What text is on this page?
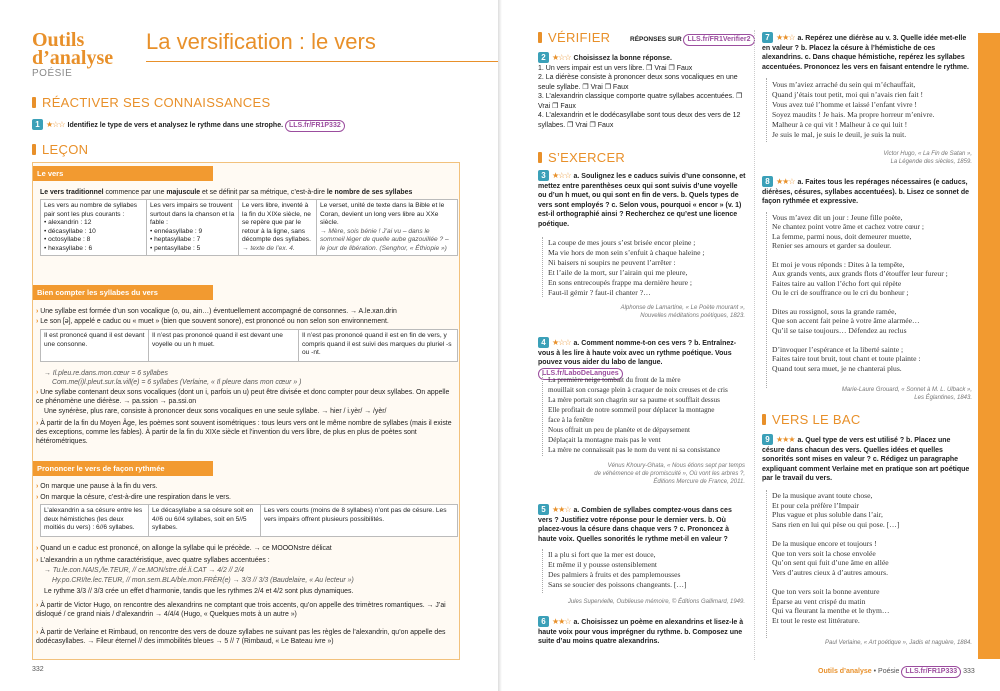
Outils
d’analyse
POÉSIE
La versification : le vers
RÉACTIVER SES CONNAISSANCES
1 ★☆☆ Identifiez le type de vers et analysez le rythme dans une strophe. LLS.fr/FR1P332
LEÇON
Le vers
Le vers traditionnel commence par une majuscule et se définit par sa métrique, c’est-à-dire le nombre de ses syllabes
Les vers au nombre de syllabes pair sont les plus courants :
• alexandrin : 12
• décasyllabe : 10
• octosyllabe : 8
• hexasyllabe : 6
	Les vers impairs se trouvent surtout dans la chanson et la fable :
• ennéasyllabe : 9
• heptasyllabe : 7
• pentasyllabe : 5
	Le vers libre, inventé à la fin du XIXe siècle, ne se repère que par le retour à la ligne, sans décompte des syllabes.
→ texte de l’ex. 4.	Le verset, unité de texte dans la Bible et le Coran, devient un long vers libre au XXe siècle.
→ Mère, sois bénie ! J’ai vu – dans le sommeil léger de quelle aube gazouillée ? – le jour de libération. (Senghor, « Éthiopie »)
Bien compter les syllabes du vers
› Une syllabe est formée d’un son vocalique (o, ou, ain…) éventuellement accompagné de consonnes. → A.le.xan.drin
› Le son [ə], appelé e caduc ou « muet » (bien que souvent sonore), est prononcé ou non selon son environnement.
Il est prononcé quand il est devant une consonne.	Il n’est pas prononcé quand il est devant une voyelle ou un h muet.	Il n’est pas prononcé quand il est en fin de vers, y compris quand il est suivi des marques du pluriel -s ou -nt.
→ Il.pleu.re.dans.mon.cœur = 6 syllabes
Com.me(i)l.pleut.sur.la.vill(e) = 6 syllabes (Verlaine, « Il pleure dans mon cœur » )
› Une syllabe contenant deux sons vocaliques (dont un i, parfois un u) peut être divisée et donc compter pour deux syllabes. On appelle ce phénomène une diérèse. → pa.ssion → pa.ssi.on
Une synérèse, plus rare, consiste à prononcer deux sons vocaliques en une seule syllabe. → hier / i.yèr/ → /yèr/
› À partir de la fin du Moyen Âge, les poèmes sont souvent isométriques : tous leurs vers ont le même nombre de syllabes (mais il existe des exceptions, comme les fables). À partir de la fin du XIXe siècle et l’invention du vers libre, de plus en plus de poètes sont hétérométriques.
Prononcer le vers de façon rythmée
› On marque une pause à la fin du vers.
› On marque la césure, c’est-à-dire une respiration dans le vers.
L’alexandrin a sa césure entre les deux hémistiches (les deux moitiés du vers) : 6//6 syllabes.	Le décasyllabe a sa césure soit en 4//6 ou 6//4 syllabes, soit en 5//5 syllabes.	Les vers courts (moins de 8 syllabes) n’ont pas de césure. Les vers impairs offrent plusieurs possibilités.
› Quand un e caduc est prononcé, on allonge la syllabe qui le précède. → ce MOOONstre délicat
› L’alexandrin a un rythme caractéristique, avec quatre syllabes accentuées :
→ Tu.le.con.NAIS,/le.TEUR, // ce.MON/stre.dé.li.CAT → 4/2 // 2/4
Hy.po.CRI/te.lec.TEUR, // mon.sem.BLA/ble.mon.FRÈR(e) → 3/3 // 3/3 (Baudelaire, « Au lecteur »)
Le rythme 3/3 // 3/3 crée un effet d’harmonie, tandis que les rythmes 2/4 et 4/2 sont plus dynamiques.
› À partir de Victor Hugo, on rencontre des alexandrins ne comptant que trois accents, qu’on appelle des trimètres romantiques. → J’ai disloqué / ce grand niais / d’alexandrin → 4/4/4 (Hugo, « Quelques mots à un autre »)
› À partir de Verlaine et Rimbaud, on rencontre des vers de douze syllabes ne suivant pas les règles de l’alexandrin, qu’on appelle des dodécasyllabes. → Fileur éternel // des immobilités bleues → 5 // 7 (Rimbaud, « Le Bateau ivre »)
332
VÉRIFIER	RÉPONSES SUR LLS.fr/FR1Verifier2
2 ★☆☆ Choisissez la bonne réponse.
1. Un vers impair est un vers libre. ❐ Vrai ❐ Faux
2. La diérèse consiste à prononcer deux sons vocaliques en une seule syllabe. ❐ Vrai ❐ Faux
3. L’alexandrin classique comporte quatre syllabes accentuées. ❐ Vrai ❐ Faux
4. L’alexandrin et le dodécasyllabe sont tous deux des vers de 12 syllabes. ❐ Vrai ❐ Faux
S’EXERCER
3 ★☆☆ a. Soulignez les e caducs suivis d’une consonne, et mettez entre parenthèses ceux qui sont suivis d’une voyelle ou d’un h muet, ou qui sont en fin de vers. b. Quels types de vers sont employés ? c. Selon vous, pourquoi « encor » (v. 1) est-il orthographié ainsi ? Recherchez ce qu’est une licence poétique.
La coupe de mes jours s’est brisée encor pleine ;
Ma vie hors de mon sein s’enfuit à chaque haleine ;
Ni baisers ni soupirs ne peuvent l’arrêter :
Et l’aile de la mort, sur l’airain qui me pleure,
En sons entrecoupés frappe ma dernière heure ;
Faut-il gémir ? faut-il chanter ?…
Alphonse de Lamartine, « Le Poète mourant »,
Nouvelles méditations poétiques, 1823.
4 ★☆☆ a. Comment nomme-t-on ces vers ? b. Entraînez-vous à les lire à haute voix avec un rythme poétique. Vous pouvez vous aider du labo de langue. LLS.fr/LaboDeLangues
La première neige tombait du front de la mère
mouillait son corsage plein à craquer de noix creuses et de cris
La mère portait son chagrin sur sa paume et soufflait dessus
Elle profitait de notre sommeil pour déplacer la montagne
face à la fenêtre
Nous offrait un peu de planète et de dépaysement
Déplaçait la montagne mais pas le vent
La mère ne connaissait pas le nom du vent ni sa consistance
Vénus Khoury-Ghata, « Nous étions sept par temps
de véhémence et de promiscuité », Où vont les arbres ?,
Éditions Mercure de France, 2011.
5 ★★☆ a. Combien de syllabes comptez-vous dans ces vers ? Justifiez votre réponse pour le dernier vers. b. Où placez-vous la césure dans chaque vers ? c. Prononcez à haute voix. Quelles sonorités le rythme met-il en valeur ?
Il a plu si fort que la mer est douce,
Et même il y pousse ostensiblement
Des palmiers à fruits et des pamplemousses
Sans se soucier des poissons changeants. […]
Jules Supervielle, Oublieuse mémoire, © Éditions Gallimard, 1949.
6 ★★☆ a. Choisissez un poème en alexandrins et lisez-le à haute voix pour vous imprégner du rythme. b. Composez une suite d’au moins quatre alexandrins.
7 ★★☆ a. Repérez une diérèse au v. 3. Quelle idée met-elle en valeur ? b. Placez la césure à l’hémistiche de ces alexandrins. c. Dans chaque hémistiche, repérez les syllabes accentuées. Prononcez les vers en faisant entendre le rythme.
Vous m’aviez arraché du sein qui m’échauffait,
Quand j’étais tout petit, moi qui n’avais rien fait !
Vous avez tué l’homme et laissé l’enfant vivre !
Soyez maudits ! Je hais. Ma propre horreur m’enivre.
Malheur à ce qui vit ! Malheur à ce qui luit !
Je suis le mal, je suis le deuil, je suis la nuit.
Victor Hugo, « La Fin de Satan »,
La Légende des siècles, 1859.
8 ★★☆ a. Faites tous les repérages nécessaires (e caducs, diérèses, césures, syllabes accentuées). b. Lisez ce sonnet de façon rythmée et expressive.
Vous m’avez dit un jour : Jeune fille poète,
Ne chantez point votre âme et cachez votre cœur ;
La femme, parmi nous, doit demeurer muette,
Renier ses amours et garder sa douleur.

Et moi je vous réponds : Dites à la tempête,
Aux grands vents, aux grands flots d’étouffer leur fureur ;
Faites taire au vallon l’écho fort qui répète
Ou le cri de souffrance ou le cri du bonheur ;

Dites au rossignol, sous la grande ramée,
Que son accent fait peine à votre âme alarmée…
Qu’il se taise toujours… Défendez au reclus

D’invoquer l’espérance et la liberté sainte ;
Faites taire tout bruit, tout chant et toute plainte :
Quand tout sera muet, je ne chanterai plus.
Marie-Laure Grouard, « Sonnet à M. L. Ulback »,
Les Églantines, 1843.
VERS LE BAC
9 ★★★ a. Quel type de vers est utilisé ? b. Placez une césure dans chacun des vers. Quelles idées et quelles sonorités sont mises en valeur ? c. Rédigez un paragraphe expliquant comment Verlaine met en pratique son art poétique par le travail du vers.
De la musique avant toute chose,
Et pour cela préfère l’Impair
Plus vague et plus soluble dans l’air,
Sans rien en lui qui pèse ou qui pose. […]

De la musique encore et toujours !
Que ton vers soit la chose envolée
Qu’on sent qui fuit d’une âme en allée
Vers d’autres cieux à d’autres amours.

Que ton vers soit la bonne aventure
Éparse au vent crispé du matin
Qui va fleurant la menthe et le thym…
Et tout le reste est littérature.
Paul Verlaine, « Art poétique », Jadis et naguère, 1884.
Outils d’analyse • Poésie LLS.fr/FR1P333 333
